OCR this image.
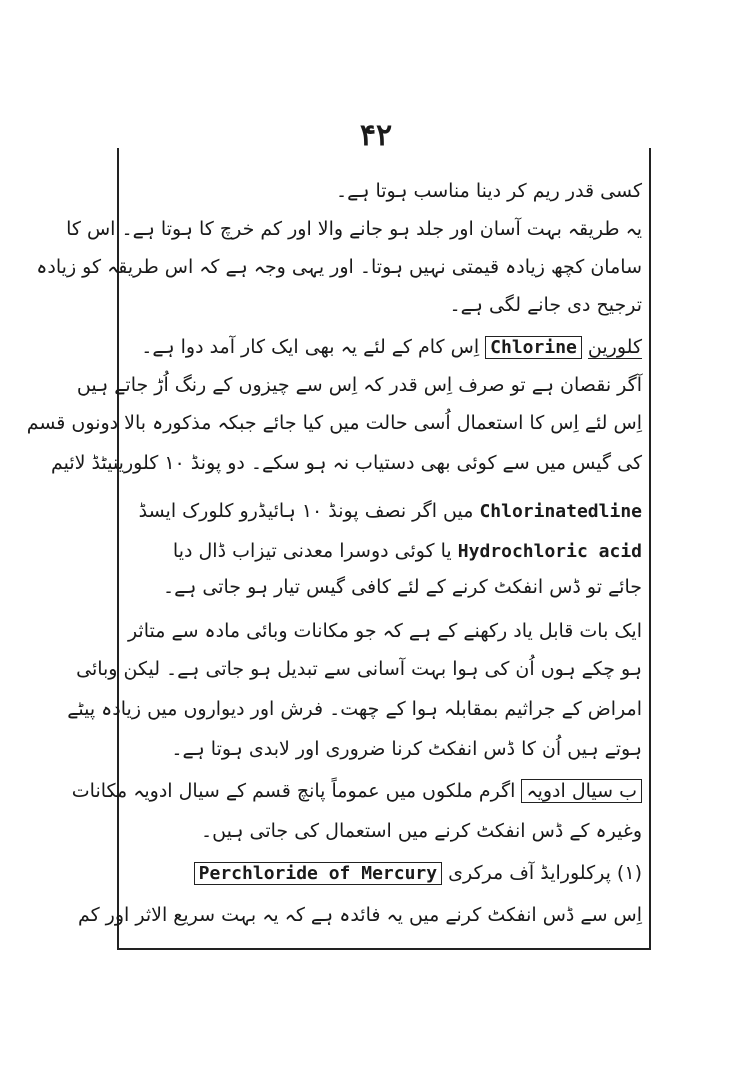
۴۲
کسی قدر ریم کر دینا مناسب ہوتا ہے۔
یہ طریقہ بہت آسان اور جلد ہو جانے والا اور کم خرچ کا ہوتا ہے۔ اس کا
سامان کچھ زیادہ قیمتی نہیں ہوتا۔ اور یہی وجہ ہے کہ اس طریقہ کو زیادہ
ترجیح دی جانے لگی ہے۔
کلورین Chlorine اِس کام کے لئے یہ بھی ایک کار آمد دوا ہے۔
آگر نقصان ہے تو صرف اِس قدر کہ اِس سے چیزوں کے رنگ اُڑ جاتے ہیں
اِس لئے اِس کا استعمال اُسی حالت میں کیا جائے جبکہ مذکورہ بالا دونوں قسم
کی گیس میں سے کوئی بھی دستیاب نہ ہو سکے۔ دو پونڈ ۱۰ کلورینیٹڈ لائیم
Chlorinatedline میں اگر نصف پونڈ ۱۰ ہائیڈرو کلورک ایسڈ
Hydrochloric acid یا کوئی دوسرا معدنی تیزاب ڈال دیا
جائے تو ڈس انفکٹ کرنے کے لئے کافی گیس تیار ہو جاتی ہے۔
ایک بات قابل یاد رکھنے کے ہے کہ جو مکانات وبائی مادہ سے متاثر
ہو چکے ہوں اُن کی ہوا بہت آسانی سے تبدیل ہو جاتی ہے۔ لیکن وبائی
امراض کے جراثیم بمقابلہ ہوا کے چھت۔ فرش اور دیواروں میں زیادہ پیٹے
ہوتے ہیں اُن کا ڈس انفکٹ کرنا ضروری اور لابدی ہوتا ہے۔
ب سیال ادویہ اگرم ملکوں میں عموماً پانچ قسم کے سیال ادویہ مکانات
وغیرہ کے ڈس انفکٹ کرنے میں استعمال کی جاتی ہیں۔
(۱) پرکلورایڈ آف مرکری Perchloride of Mercury
اِس سے ڈس انفکٹ کرنے میں یہ فائدہ ہے کہ یہ بہت سریع الاثر اور کم
